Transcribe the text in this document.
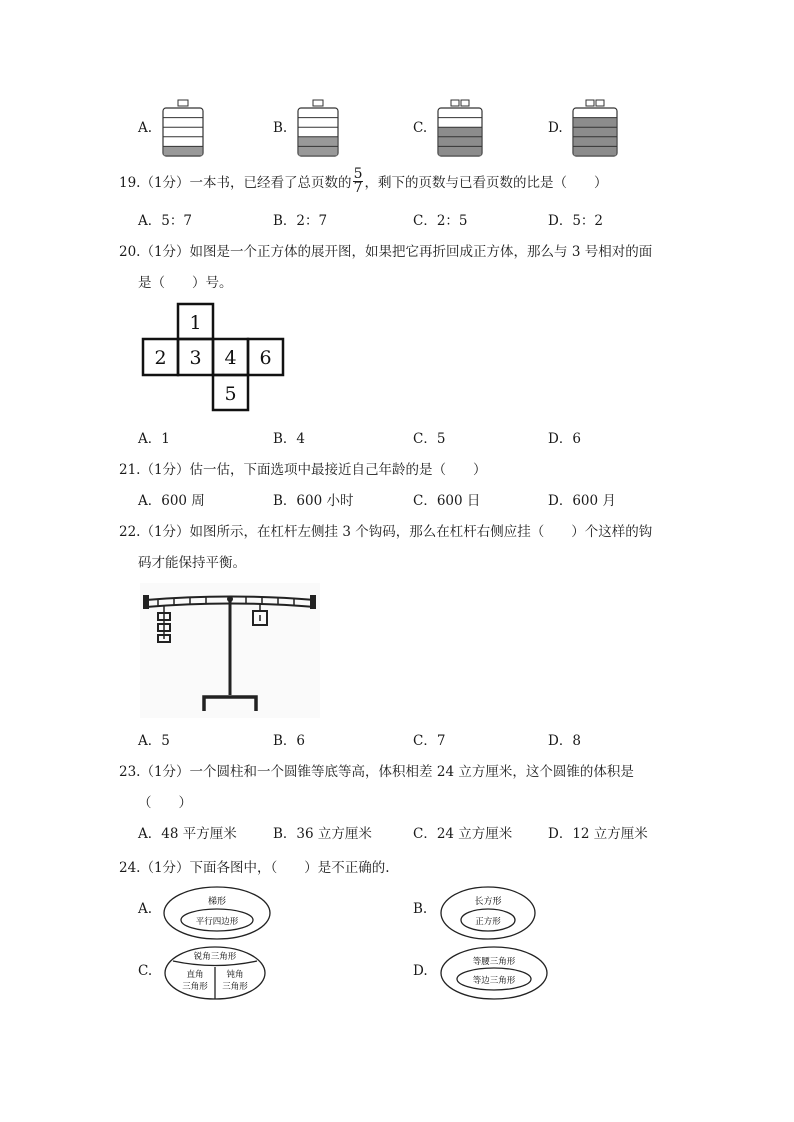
A.	B.	C.	D.
19.（1分）一本书，已经看了总页数的 $\frac{5}{7}$ ，剩下的页数与已看页数的比是（　　）
A．5：7	B．2：7	C．2：5	D．5：2
20.（1分）如图是一个正方体的展开图，如果把它再折回成正方体，那么与 3 号相对的面
是（　　）号。
1
2 3 4 6
5
A．1	B．4	C．5	D．6
21.（1分）估一估，下面选项中最接近自己年龄的是（　　）
A．600 周	B．600 小时	C．600 日	D．600 月
22.（1分）如图所示，在杠杆左侧挂 3 个钩码，那么在杠杆右侧应挂（　　）个这样的钩
码才能保持平衡。
A．5	B．6	C．7	D．8
23.（1分）一个圆柱和一个圆锥等底等高，体积相差 24 立方厘米，这个圆锥的体积是
（　　）
A．48 平方厘米	B．36 立方厘米	C．24 立方厘米	D．12 立方厘米
24.（1分）下面各图中，（　　）是不正确的.
A.	梯形
平行四边形
B.	长方形
正方形
C.
锐角三角形
直角
三角形
钝角
三角形
D.
等腰三角形
等边三角形
